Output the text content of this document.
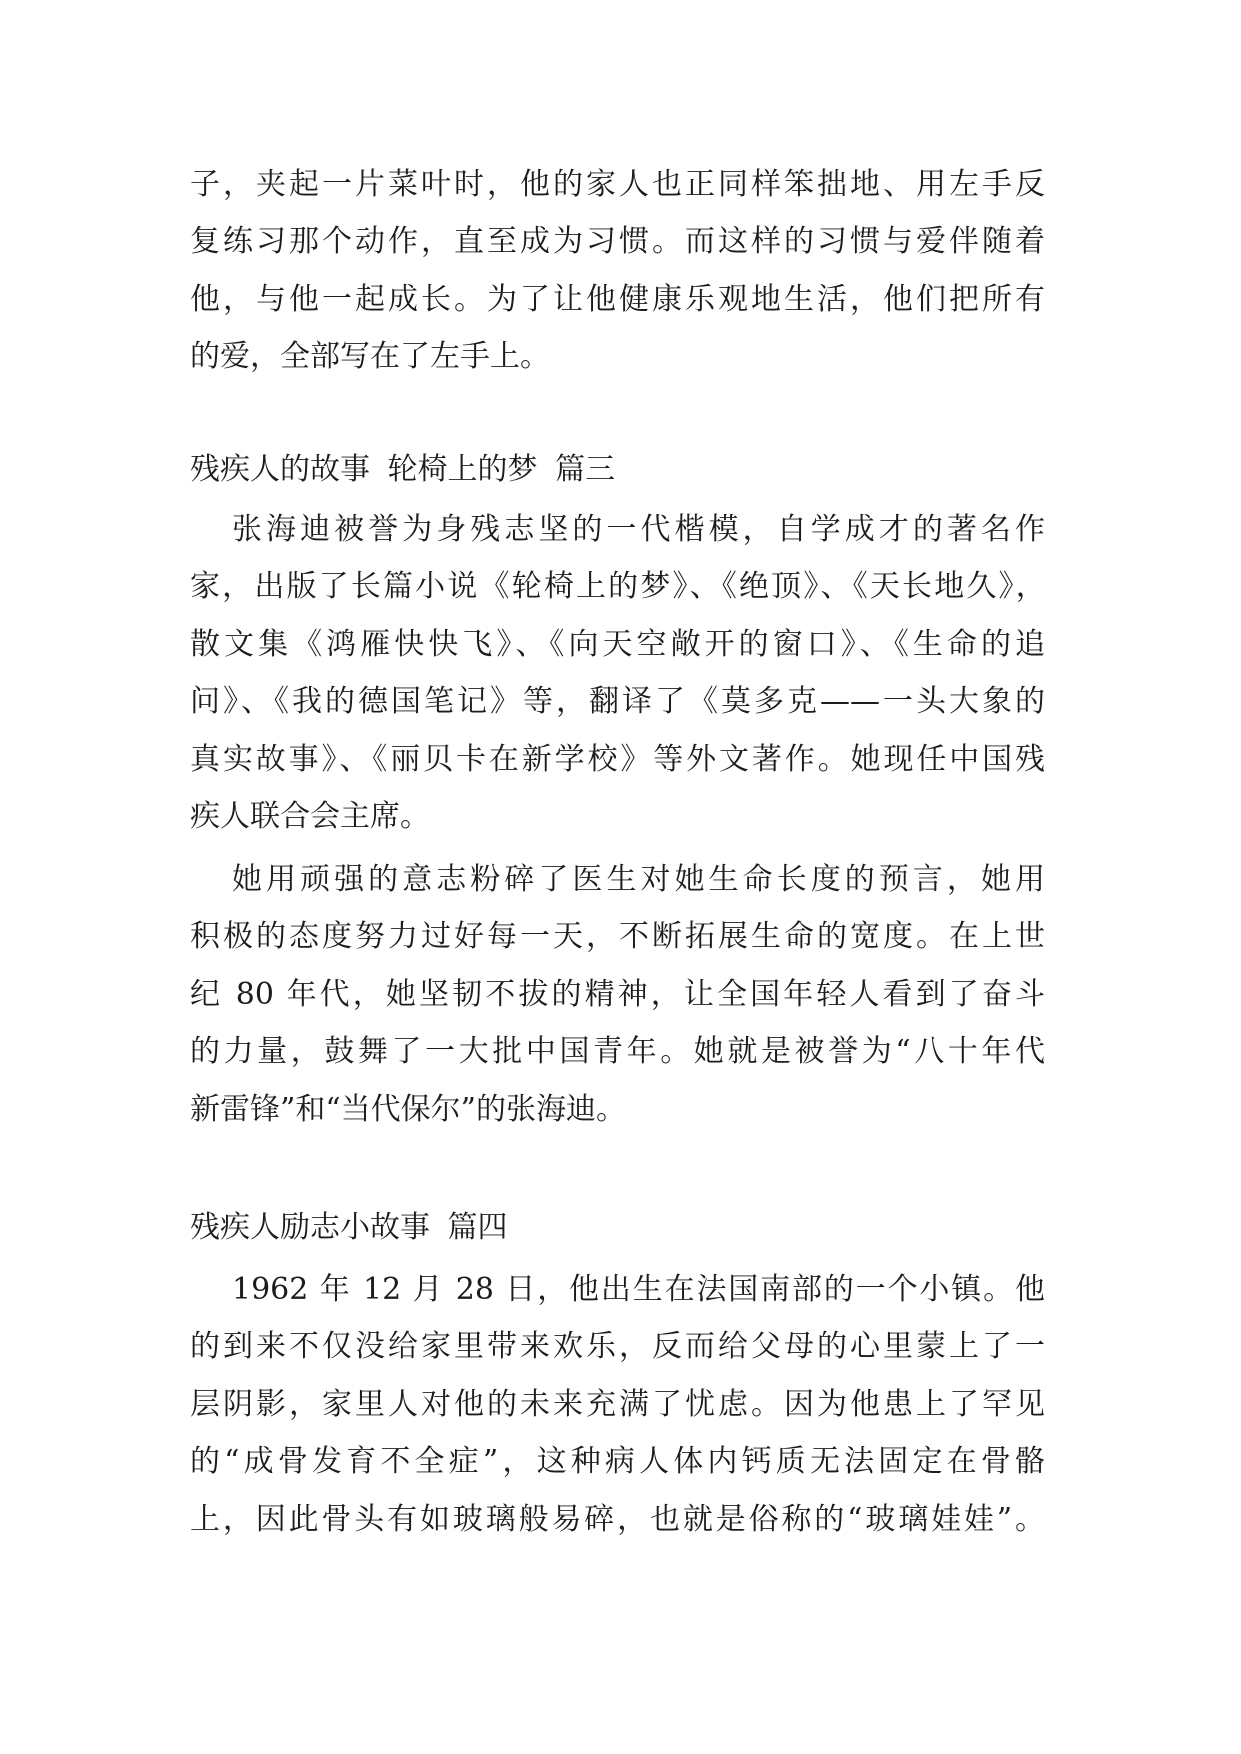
子，夹起一片菜叶时，他的家人也正同样笨拙地、用左手反
复练习那个动作，直至成为习惯。而这样的习惯与爱伴随着
他，与他一起成长。为了让他健康乐观地生活，他们把所有
的爱，全部写在了左手上。
残疾人的故事 轮椅上的梦 篇三
张海迪被誉为身残志坚的一代楷模，自学成才的著名作
家，出版了长篇小说《轮椅上的梦》、《绝顶》、《天长地久》，
散文集《鸿雁快快飞》、《向天空敞开的窗口》、《生命的追
问》、《我的德国笔记》等，翻译了《莫多克——一头大象的
真实故事》、《丽贝卡在新学校》等外文著作。她现任中国残
疾人联合会主席。
她用顽强的意志粉碎了医生对她生命长度的预言，她用
积极的态度努力过好每一天，不断拓展生命的宽度。在上世
纪 80 年代，她坚韧不拔的精神，让全国年轻人看到了奋斗
的力量，鼓舞了一大批中国青年。她就是被誉为“八十年代
新雷锋”和“当代保尔”的张海迪。
残疾人励志小故事 篇四
1962 年 12 月 28 日，他出生在法国南部的一个小镇。他
的到来不仅没给家里带来欢乐，反而给父母的心里蒙上了一
层阴影，家里人对他的未来充满了忧虑。因为他患上了罕见
的“成骨发育不全症”，这种病人体内钙质无法固定在骨骼
上，因此骨头有如玻璃般易碎，也就是俗称的“玻璃娃娃”。
